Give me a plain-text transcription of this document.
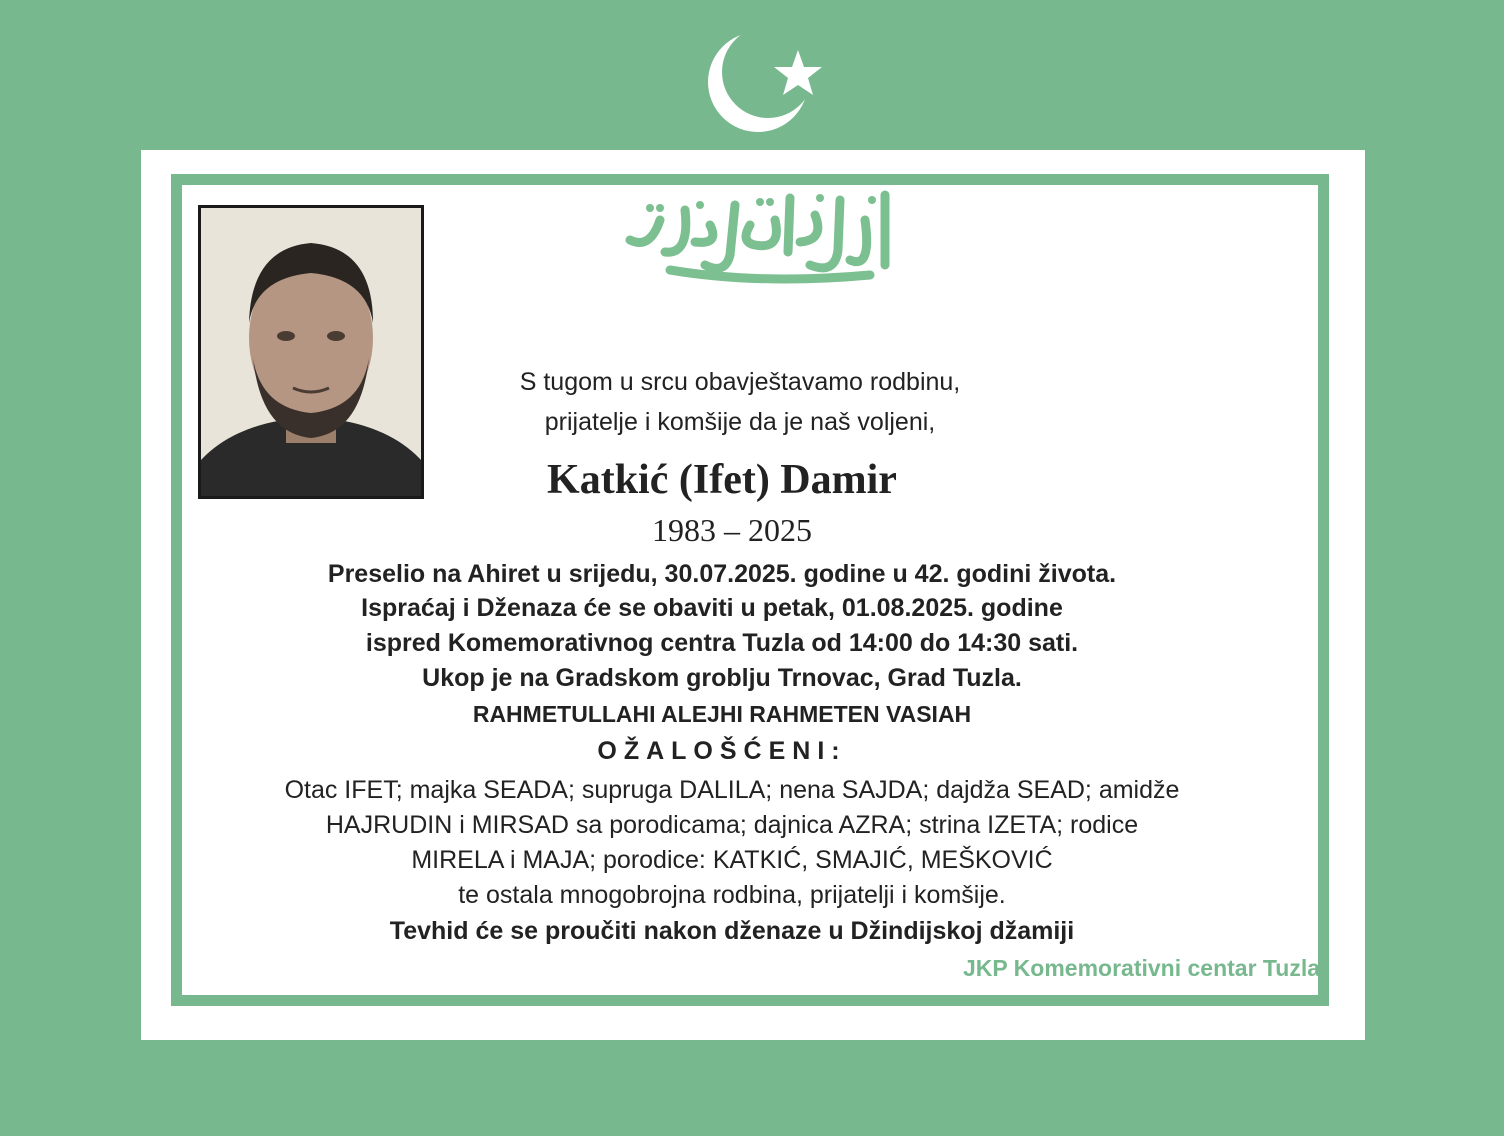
S tugom u srcu obavještavamo rodbinu,
prijatelje i komšije da je naš voljeni,
Katkić (Ifet) Damir
1983 – 2025
Preselio na Ahiret u srijedu, 30.07.2025. godine u 42. godini života.
Ispraćaj i Dženaza će se obaviti u petak, 01.08.2025. godine
ispred Komemorativnog centra Tuzla od 14:00 do 14:30 sati.
Ukop je na Gradskom groblju Trnovac, Grad Tuzla.
RAHMETULLAHI ALEJHI RAHMETEN VASIAH
OŽALOŠĆENI:
Otac IFET; majka SEADA; supruga DALILA; nena SAJDA; dajdža SEAD; amidže
HAJRUDIN i MIRSAD sa porodicama; dajnica AZRA; strina IZETA; rodice
MIRELA i MAJA; porodice: KATKIĆ, SMAJIĆ, MEŠKOVIĆ
te ostala mnogobrojna rodbina, prijatelji i komšije.
Tevhid će se proučiti nakon dženaze u Džindijskoj džamiji
JKP Komemorativni centar Tuzla
